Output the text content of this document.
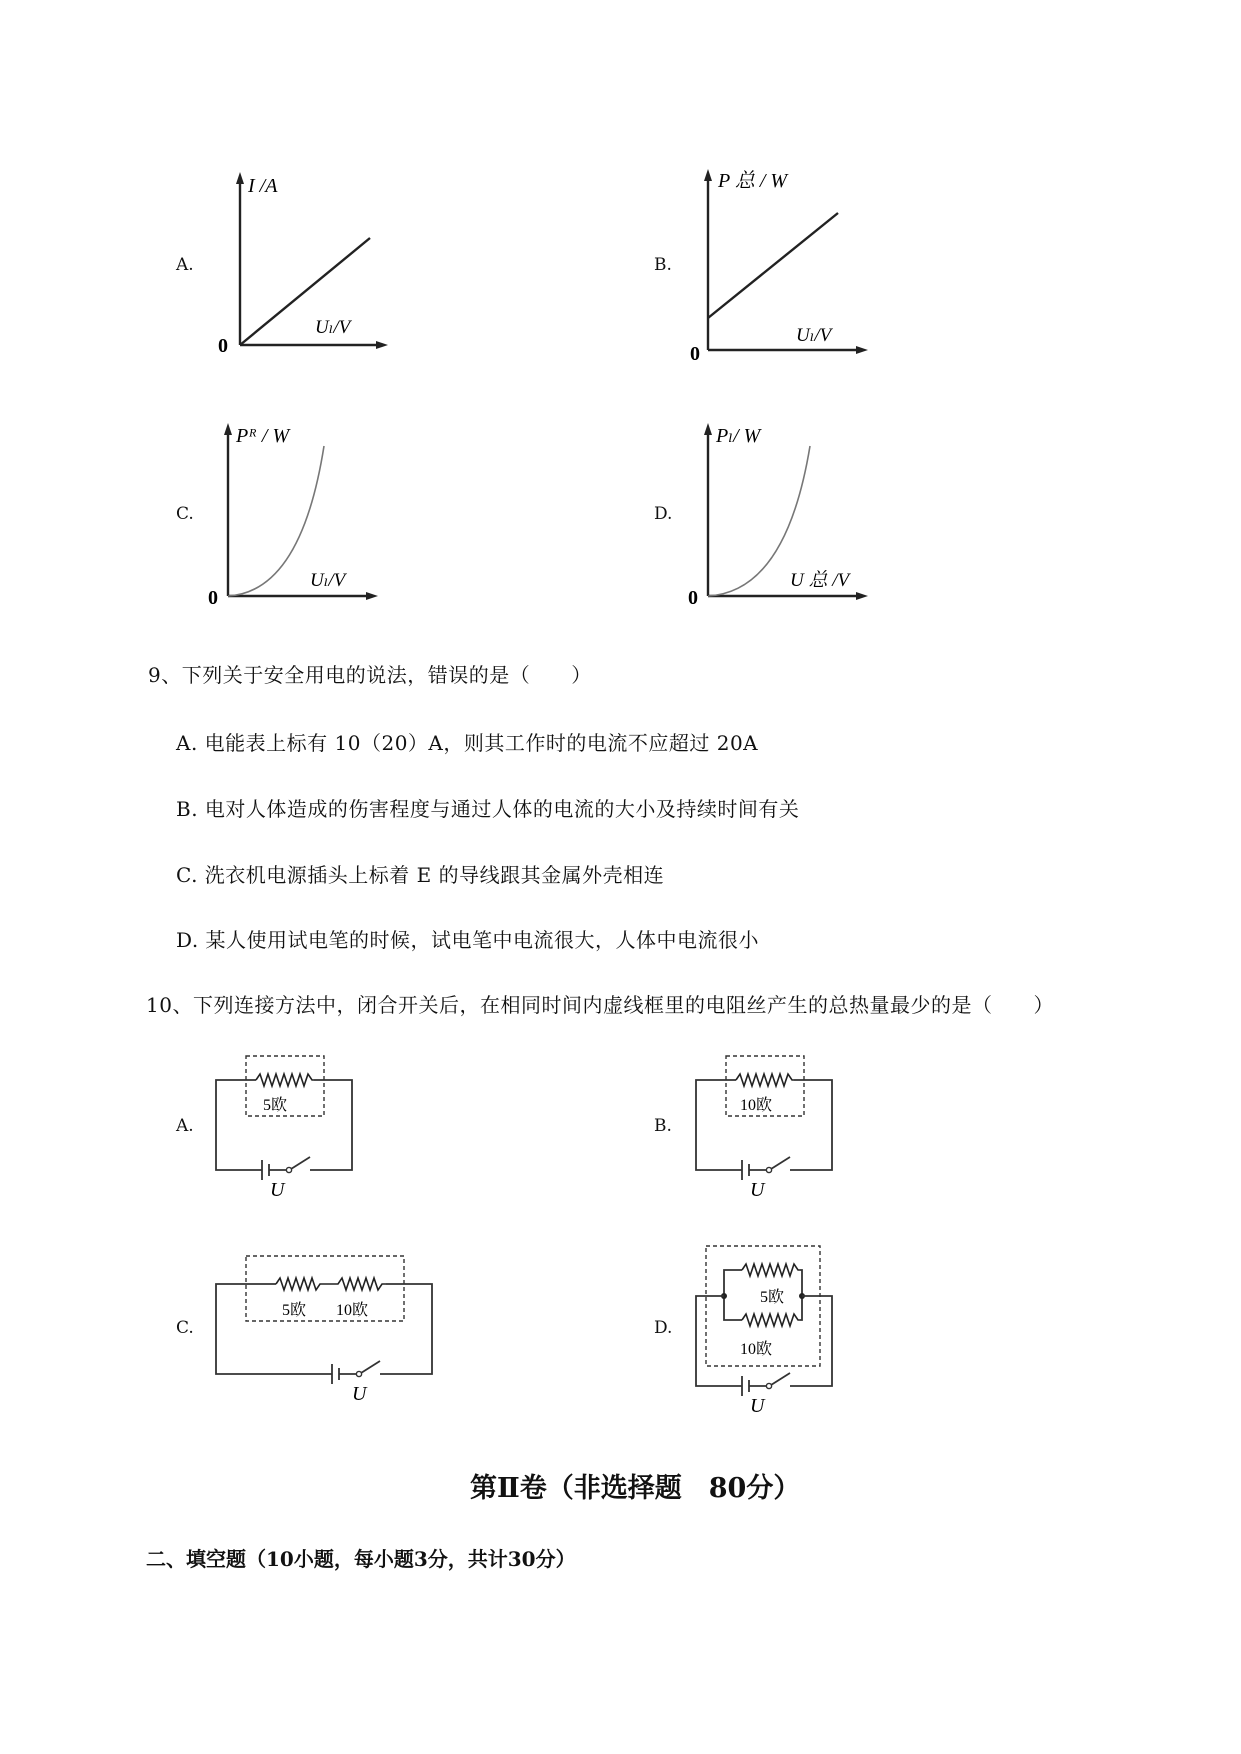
A.
I /A
Uₗ/V
0
B.
P 总 / W
Uₗ/V
0
C.
Pᴿ / W
Uₗ/V
0
D.
Pₗ/ W
U 总 /V
0
9、下列关于安全用电的说法，错误的是（　　）
A. 电能表上标有 10（20）A，则其工作时的电流不应超过 20A
B. 电对人体造成的伤害程度与通过人体的电流的大小及持续时间有关
C. 洗衣机电源插头上标着 E 的导线跟其金属外壳相连
D. 某人使用试电笔的时候，试电笔中电流很大，人体中电流很小
10、下列连接方法中，闭合开关后，在相同时间内虚线框里的电阻丝产生的总热量最少的是（　　）
A.
5欧
U
B.
10欧
U
C.
5欧 10欧
U
D.
5欧
10欧
U
第Ⅱ卷（非选择题　80分）
二、填空题（10小题，每小题3分，共计30分）
